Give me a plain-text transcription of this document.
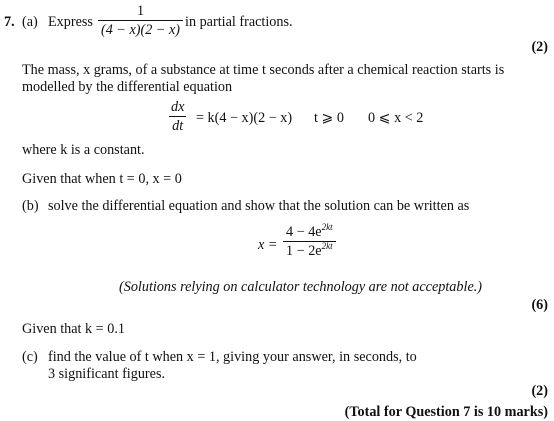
7. (a) Express $\frac{1}{(4 - x)(2 - x)}$ in partial fractions.
(2)
The mass, x grams, of a substance at time t seconds after a chemical reaction starts is
modelled by the differential equation
$\frac{dx}{dt} = k(4 - x)(2 - x)$ t ⩾ 0 0 ⩽ x < 2
where k is a constant.
Given that when t = 0, x = 0
(b) solve the differential equation and show that the solution can be written as
$x = \frac{4 - 4e^{2kt}}{1 - 2e^{2kt}}$
(Solutions relying on calculator technology are not acceptable.)
(6)
Given that k = 0.1
(c) find the value of t when x = 1, giving your answer, in seconds, to
3 significant figures.
(2)
(Total for Question 7 is 10 marks)
